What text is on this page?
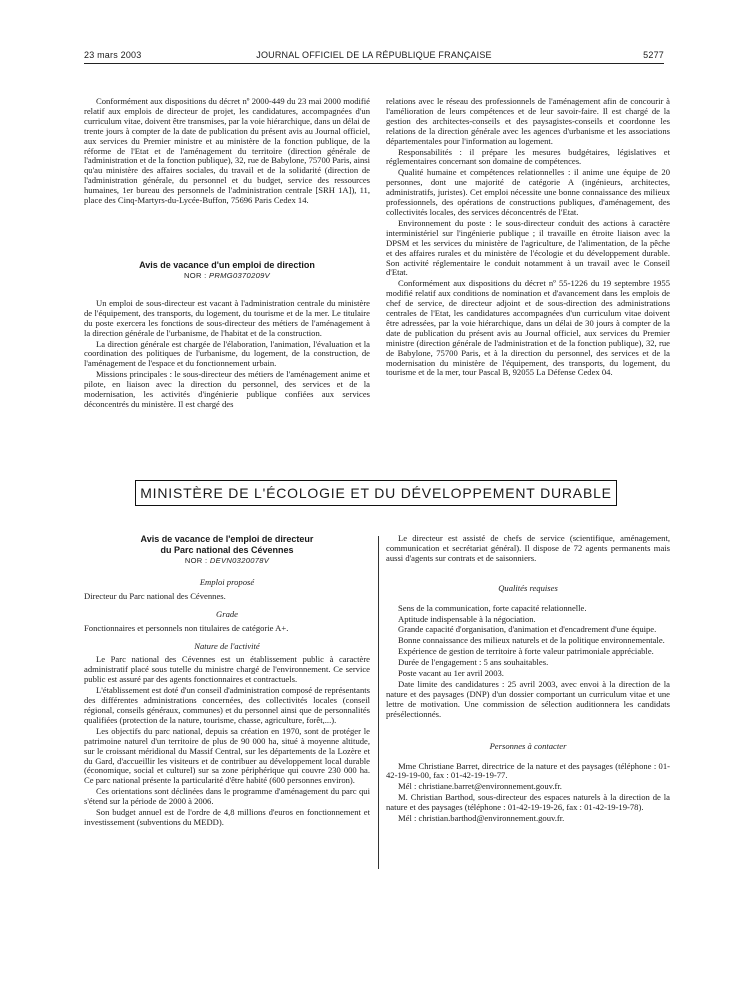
23 mars 2003	JOURNAL OFFICIEL DE LA RÉPUBLIQUE FRANÇAISE	5277

Conformément aux dispositions du décret nº 2000-449 du 23 mai 2000 modifié relatif aux emplois de directeur de projet, les candidatures, accompagnées d'un curriculum vitae, doivent être transmises, par la voie hiérarchique, dans un délai de trente jours à compter de la date de publication du présent avis au Journal officiel, aux services du Premier ministre et au ministère de la fonction publique, de la réforme de l'Etat et de l'aménagement du territoire (direction générale de l'administration et de la fonction publique), 32, rue de Babylone, 75700 Paris, ainsi qu'au ministère des affaires sociales, du travail et de la solidarité (direction de l'administration générale, du personnel et du budget, service des ressources humaines, 1er bureau des personnels de l'administration centrale [SRH 1A]), 11, place des Cinq-Martyrs-du-Lycée-Buffon, 75696 Paris Cedex 14.

Avis de vacance d'un emploi de direction

NOR : PRMG0370209V

Un emploi de sous-directeur est vacant à l'administration centrale du ministère de l'équipement, des transports, du logement, du tourisme et de la mer. Le titulaire du poste exercera les fonctions de sous-directeur des métiers de l'aménagement à la direction générale de l'urbanisme, de l'habitat et de la construction.

La direction générale est chargée de l'élaboration, l'animation, l'évaluation et la coordination des politiques de l'urbanisme, du logement, de la construction, de l'aménagement de l'espace et du fonctionnement urbain.

Missions principales : le sous-directeur des métiers de l'aménagement anime et pilote, en liaison avec la direction du personnel, des services et de la modernisation, les activités d'ingénierie publique confiées aux services déconcentrés du ministère. Il est chargé des

relations avec le réseau des professionnels de l'aménagement afin de concourir à l'amélioration de leurs compétences et de leur savoir-faire. Il est chargé de la gestion des architectes-conseils et des paysagistes-conseils et coordonne les relations de la direction générale avec les agences d'urbanisme et les associations départementales pour l'information au logement.

Responsabilités : il prépare les mesures budgétaires, législatives et réglementaires concernant son domaine de compétences.

Qualité humaine et compétences relationnelles : il anime une équipe de 20 personnes, dont une majorité de catégorie A (ingénieurs, architectes, administratifs, juristes). Cet emploi nécessite une bonne connaissance des milieux professionnels, des opérations de constructions publiques, d'aménagement, des collectivités locales, des services déconcentrés de l'Etat.

Environnement du poste : le sous-directeur conduit des actions à caractère interministériel sur l'ingénierie publique ; il travaille en étroite liaison avec la DPSM et les services du ministère de l'agriculture, de l'alimentation, de la pêche et des affaires rurales et du ministère de l'écologie et du développement durable. Son activité réglementaire le conduit notamment à un travail avec le Conseil d'Etat.

Conformément aux dispositions du décret nº 55-1226 du 19 septembre 1955 modifié relatif aux conditions de nomination et d'avancement dans les emplois de chef de service, de directeur adjoint et de sous-direction des administrations centrales de l'Etat, les candidatures accompagnées d'un curriculum vitae doivent être adressées, par la voie hiérarchique, dans un délai de 30 jours à compter de la date de publication du présent avis au Journal officiel, aux services du Premier ministre (direction générale de l'administration et de la fonction publique), 32, rue de Babylone, 75700 Paris, et à la direction du personnel, des services et de la modernisation du ministère de l'équipement, des transports, du logement, du tourisme et de la mer, tour Pascal B, 92055 La Défense Cedex 04.

MINISTÈRE DE L'ÉCOLOGIE ET DU DÉVELOPPEMENT DURABLE

Avis de vacance de l'emploi de directeur

du Parc national des Cévennes

NOR : DEVN0320078V

Emploi proposé

Directeur du Parc national des Cévennes.

Grade

Fonctionnaires et personnels non titulaires de catégorie A+.

Nature de l'activité

Le Parc national des Cévennes est un établissement public à caractère administratif placé sous tutelle du ministre chargé de l'environnement. Ce service public est assuré par des agents fonctionnaires et contractuels.

L'établissement est doté d'un conseil d'administration composé de représentants des différentes administrations concernées, des collectivités locales (conseil régional, conseils généraux, communes) et du personnel ainsi que de personnalités qualifiées (protection de la nature, tourisme, chasse, agriculture, forêt,...).

Les objectifs du parc national, depuis sa création en 1970, sont de protéger le patrimoine naturel d'un territoire de plus de 90 000 ha, situé à moyenne altitude, sur le croissant méridional du Massif Central, sur les départements de la Lozère et du Gard, d'accueillir les visiteurs et de contribuer au développement local durable (économique, social et culturel) sur sa zone périphérique qui couvre 230 000 ha. Ce parc national présente la particularité d'être habité (600 personnes environ).

Ces orientations sont déclinées dans le programme d'aménagement du parc qui s'étend sur la période de 2000 à 2006.

Son budget annuel est de l'ordre de 4,8 millions d'euros en fonctionnement et investissement (subventions du MEDD).

Le directeur est assisté de chefs de service (scientifique, aménagement, communication et secrétariat général). Il dispose de 72 agents permanents mais aussi d'agents sur contrats et de saisonniers.

Qualités requises

Sens de la communication, forte capacité relationnelle.

Aptitude indispensable à la négociation.

Grande capacité d'organisation, d'animation et d'encadrement d'une équipe.

Bonne connaissance des milieux naturels et de la politique environnementale.

Expérience de gestion de territoire à forte valeur patrimoniale appréciable.

Durée de l'engagement : 5 ans souhaitables.

Poste vacant au 1er avril 2003.

Date limite des candidatures : 25 avril 2003, avec envoi à la direction de la nature et des paysages (DNP) d'un dossier comportant un curriculum vitae et une lettre de motivation. Une commission de sélection auditionnera les candidats présélectionnés.

Personnes à contacter

Mme Christiane Barret, directrice de la nature et des paysages (téléphone : 01-42-19-19-00, fax : 01-42-19-19-77.

Mél : christiane.barret@environnement.gouv.fr.

M. Christian Barthod, sous-directeur des espaces naturels à la direction de la nature et des paysages (téléphone : 01-42-19-19-26, fax : 01-42-19-19-78).

Mél : christian.barthod@environnement.gouv.fr.
